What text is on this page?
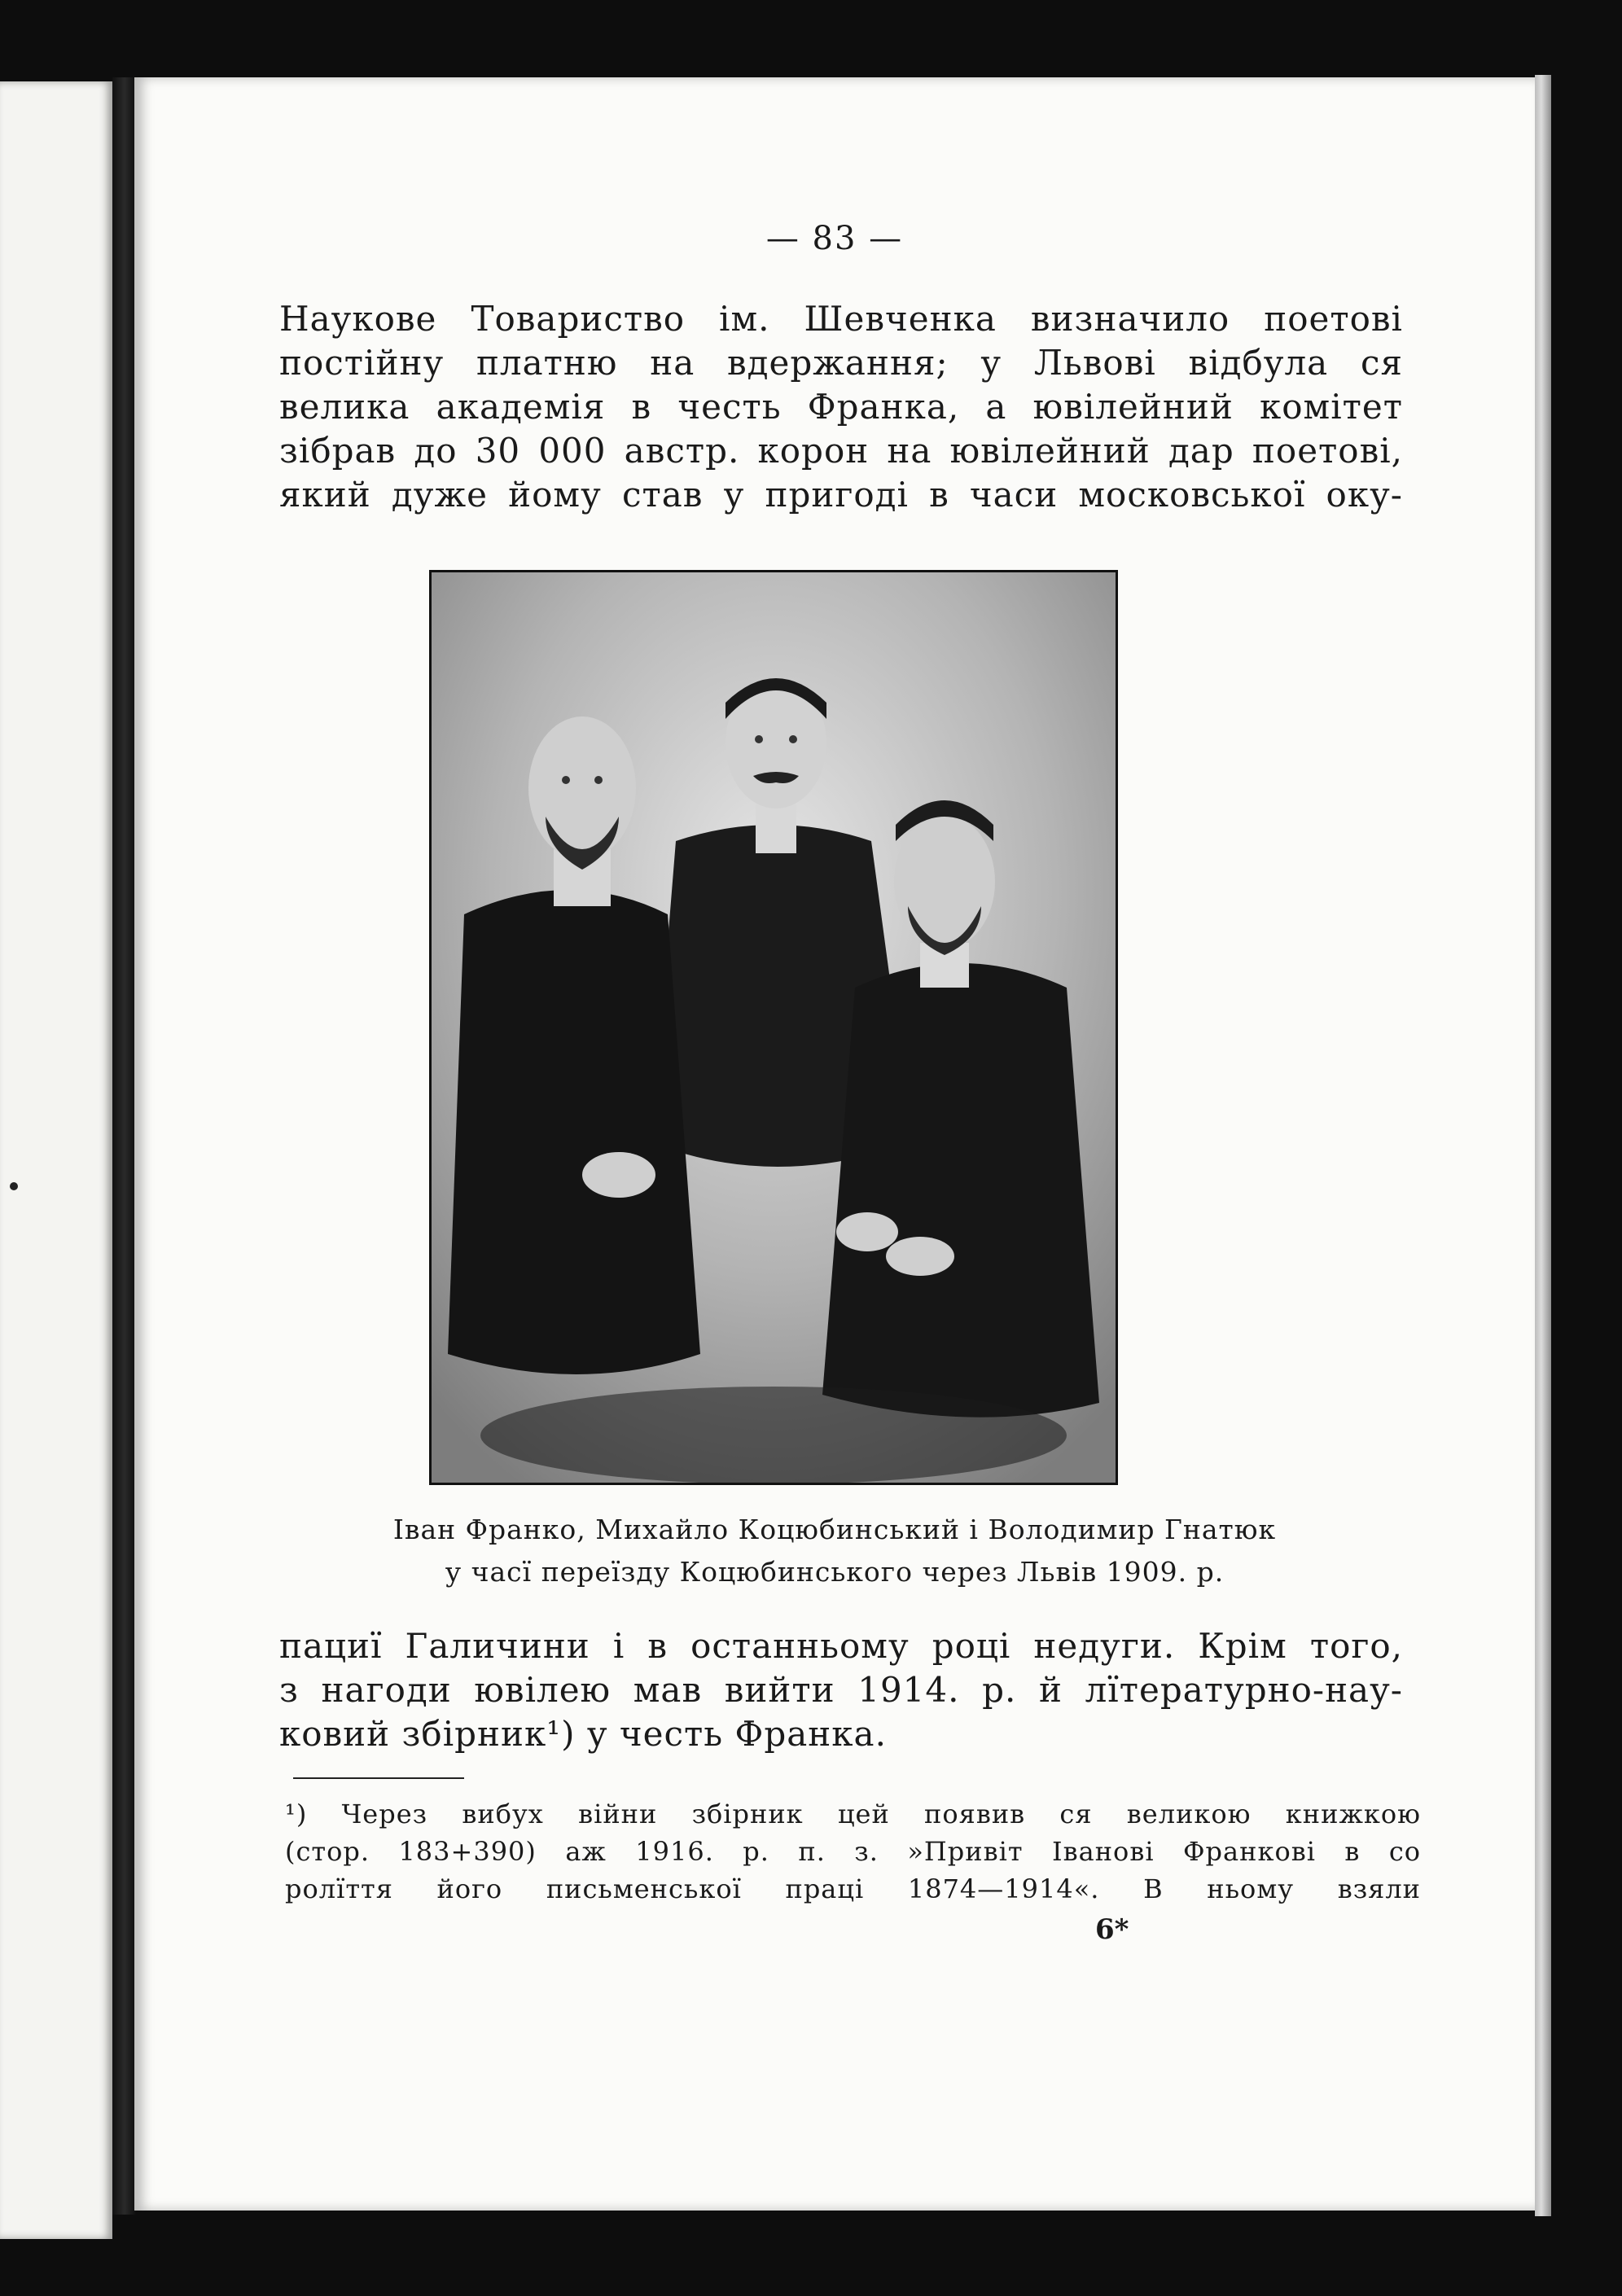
— 83 —
Наукове Товариство ім. Шевченка визначило поетові
постійну платню на вдержання; у Львові відбула ся
велика академія в честь Франка, а ювілейний комітет
зібрав до 30 000 австр. корон на ювілейний дар поетові,
який дуже йому став у пригоді в часи московської оку-
Іван Франко, Михайло Коцюбинський і Володимир Гнатюк
у часї переїзду Коцюбинського через Львів 1909. р.
пациї Галичини і в останньому році недуги. Крім того,
з нагоди ювілею мав вийти 1914. р. й лїтературно-нау-
ковий збірник¹) у честь Франка.
¹) Через вибух війни збірник цей появив ся великою книжкою
(стор. 183+390) аж 1916. р. п. з. »Привіт Іванові Франкові в со
ролїття його письменської праці 1874—1914«. В ньому взяли
6*
